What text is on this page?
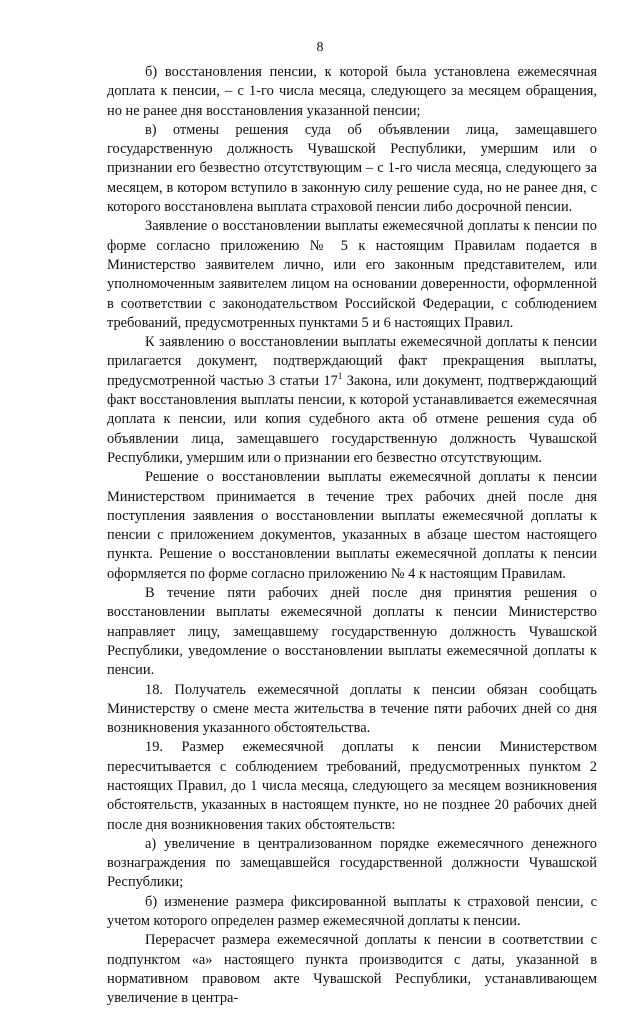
8

б) восстановления пенсии, к которой была установлена ежемесячная доплата к пенсии, – с 1-го числа месяца, следующего за месяцем обращения, но не ранее дня восстановления указанной пенсии;

в) отмены решения суда об объявлении лица, замещавшего государственную должность Чувашской Республики, умершим или о признании его безвестно отсутствующим – с 1-го числа месяца, следующего за месяцем, в котором вступило в законную силу решение суда, но не ранее дня, с которого восстановлена выплата страховой пенсии либо досрочной пенсии.

Заявление о восстановлении выплаты ежемесячной доплаты к пенсии по форме согласно приложению № 5 к настоящим Правилам подается в Министерство заявителем лично, или его законным представителем, или уполномоченным заявителем лицом на основании доверенности, оформленной в соответствии с законодательством Российской Федерации, с соблюдением требований, предусмотренных пунктами 5 и 6 настоящих Правил.

К заявлению о восстановлении выплаты ежемесячной доплаты к пенсии прилагается документ, подтверждающий факт прекращения выплаты, предусмотренной частью 3 статьи $17^1$ Закона, или документ, подтверждающий факт восстановления выплаты пенсии, к которой устанавливается ежемесячная доплата к пенсии, или копия судебного акта об отмене решения суда об объявлении лица, замещавшего государственную должность Чувашской Республики, умершим или о признании его безвестно отсутствующим.

Решение о восстановлении выплаты ежемесячной доплаты к пенсии Министерством принимается в течение трех рабочих дней после дня поступления заявления о восстановлении выплаты ежемесячной доплаты к пенсии с приложением документов, указанных в абзаце шестом настоящего пункта. Решение о восстановлении выплаты ежемесячной доплаты к пенсии оформляется по форме согласно приложению № 4 к настоящим Правилам.

В течение пяти рабочих дней после дня принятия решения о восстановлении выплаты ежемесячной доплаты к пенсии Министерство направляет лицу, замещавшему государственную должность Чувашской Республики, уведомление о восстановлении выплаты ежемесячной доплаты к пенсии.

18. Получатель ежемесячной доплаты к пенсии обязан сообщать Министерству о смене места жительства в течение пяти рабочих дней со дня возникновения указанного обстоятельства.

19. Размер ежемесячной доплаты к пенсии Министерством пересчитывается с соблюдением требований, предусмотренных пунктом 2 настоящих Правил, до 1 числа месяца, следующего за месяцем возникновения обстоятельств, указанных в настоящем пункте, но не позднее 20 рабочих дней после дня возникновения таких обстоятельств:

а) увеличение в централизованном порядке ежемесячного денежного вознаграждения по замещавшейся государственной должности Чувашской Республики;

б) изменение размера фиксированной выплаты к страховой пенсии, с учетом которого определен размер ежемесячной доплаты к пенсии.

Перерасчет размера ежемесячной доплаты к пенсии в соответствии с подпунктом «а» настоящего пункта производится с даты, указанной в нормативном правовом акте Чувашской Республики, устанавливающем увеличение в центра-
